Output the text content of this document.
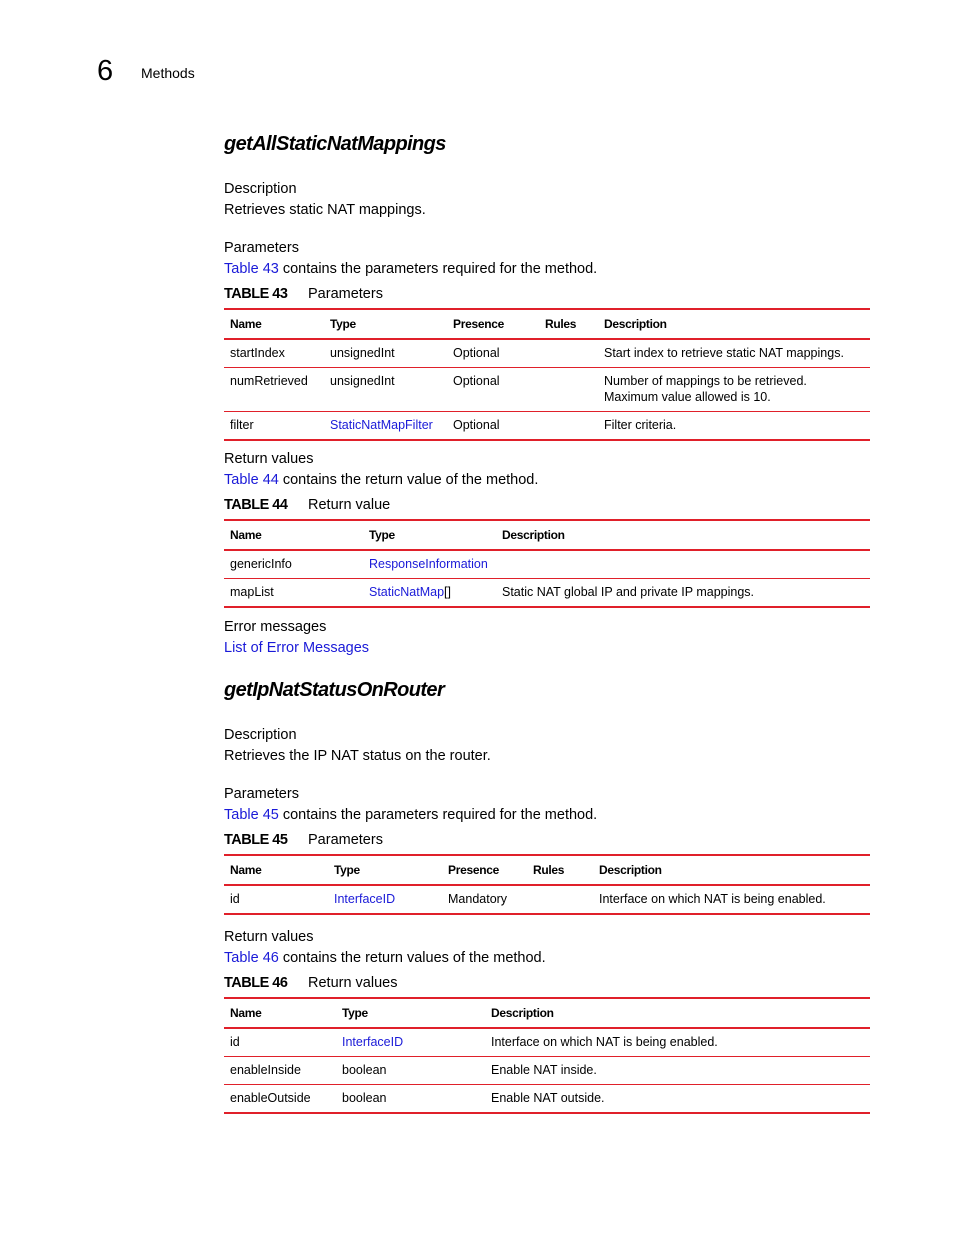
6 Methods
getAllStaticNatMappings
Description
Retrieves static NAT mappings.
Parameters
Table 43 contains the parameters required for the method.
TABLE 43 Parameters
Name	Type	Presence	Rules	Description
startIndex	unsignedInt	Optional		Start index to retrieve static NAT mappings.
numRetrieved	unsignedInt	Optional		Number of mappings to be retrieved.
Maximum value allowed is 10.

filter	StaticNatMapFilter	Optional		Filter criteria.
Return values
Table 44 contains the return value of the method.
TABLE 44 Return value
Name	Type	Description
genericInfo	ResponseInformation	
mapList	StaticNatMap[]	Static NAT global IP and private IP mappings.
Error messages
List of Error Messages
getIpNatStatusOnRouter
Description
Retrieves the IP NAT status on the router.
Parameters
Table 45 contains the parameters required for the method.
TABLE 45 Parameters
Name	Type	Presence	Rules	Description
id	InterfaceID	Mandatory		Interface on which NAT is being enabled.
Return values
Table 46 contains the return values of the method.
TABLE 46 Return values
Name	Type	Description
id	InterfaceID	Interface on which NAT is being enabled.
enableInside	boolean	Enable NAT inside.
enableOutside	boolean	Enable NAT outside.
